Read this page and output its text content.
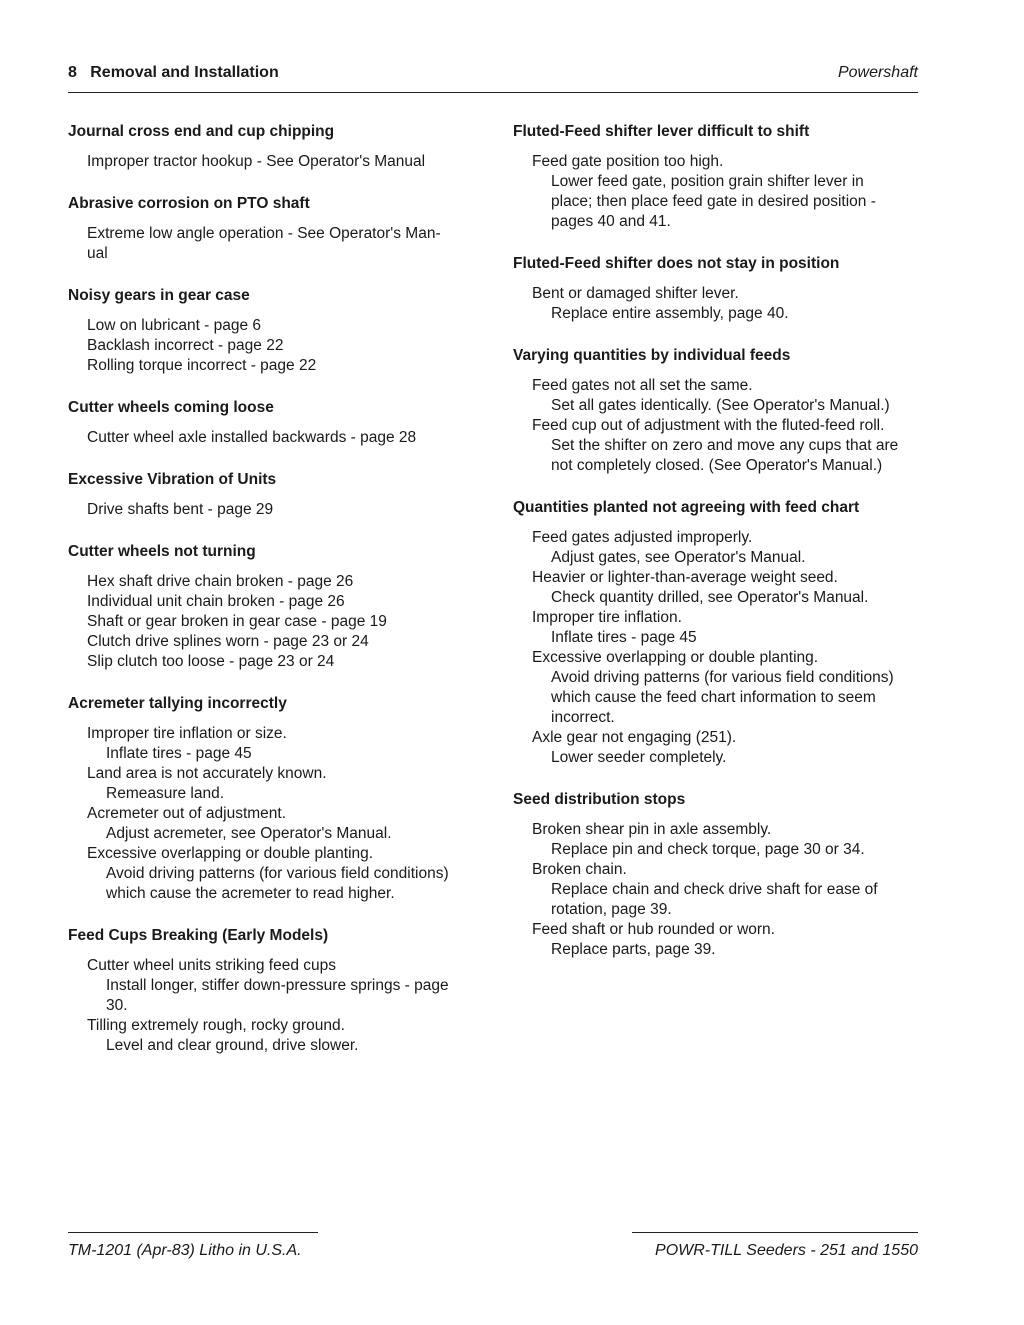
8   Removal and Installation	Powershaft
Journal cross end and cup chipping
Improper tractor hookup - See Operator's Manual
Abrasive corrosion on PTO shaft
Extreme low angle operation - See Operator's Man-
ual
Noisy gears in gear case
Low on lubricant - page 6
Backlash incorrect - page 22
Rolling torque incorrect - page 22
Cutter wheels coming loose
Cutter wheel axle installed backwards - page 28
Excessive Vibration of Units
Drive shafts bent - page 29
Cutter wheels not turning
Hex shaft drive chain broken - page 26
Individual unit chain broken - page 26
Shaft or gear broken in gear case - page 19
Clutch drive splines worn - page 23 or 24
Slip clutch too loose - page 23 or 24
Acremeter tallying incorrectly
Improper tire inflation or size.
Inflate tires - page 45
Land area is not accurately known.
Remeasure land.
Acremeter out of adjustment.
Adjust acremeter, see Operator's Manual.
Excessive overlapping or double planting.
Avoid driving patterns (for various field conditions)
which cause the acremeter to read higher.
Feed Cups Breaking (Early Models)
Cutter wheel units striking feed cups
Install longer, stiffer down-pressure springs - page
30.
Tilling extremely rough, rocky ground.
Level and clear ground, drive slower.
Fluted-Feed shifter lever difficult to shift
Feed gate position too high.
Lower feed gate, position grain shifter lever in
place; then place feed gate in desired position -
pages 40 and 41.
Fluted-Feed shifter does not stay in position
Bent or damaged shifter lever.
Replace entire assembly, page 40.
Varying quantities by individual feeds
Feed gates not all set the same.
Set all gates identically. (See Operator's Manual.)
Feed cup out of adjustment with the fluted-feed roll.
Set the shifter on zero and move any cups that are
not completely closed. (See Operator's Manual.)
Quantities planted not agreeing with feed chart
Feed gates adjusted improperly.
Adjust gates, see Operator's Manual.
Heavier or lighter-than-average weight seed.
Check quantity drilled, see Operator's Manual.
Improper tire inflation.
Inflate tires - page 45
Excessive overlapping or double planting.
Avoid driving patterns (for various field conditions)
which cause the feed chart information to seem
incorrect.
Axle gear not engaging (251).
Lower seeder completely.
Seed distribution stops
Broken shear pin in axle assembly.
Replace pin and check torque, page 30 or 34.
Broken chain.
Replace chain and check drive shaft for ease of
rotation, page 39.
Feed shaft or hub rounded or worn.
Replace parts, page 39.
TM-1201 (Apr-83) Litho in U.S.A.	POWR-TILL Seeders - 251 and 1550
